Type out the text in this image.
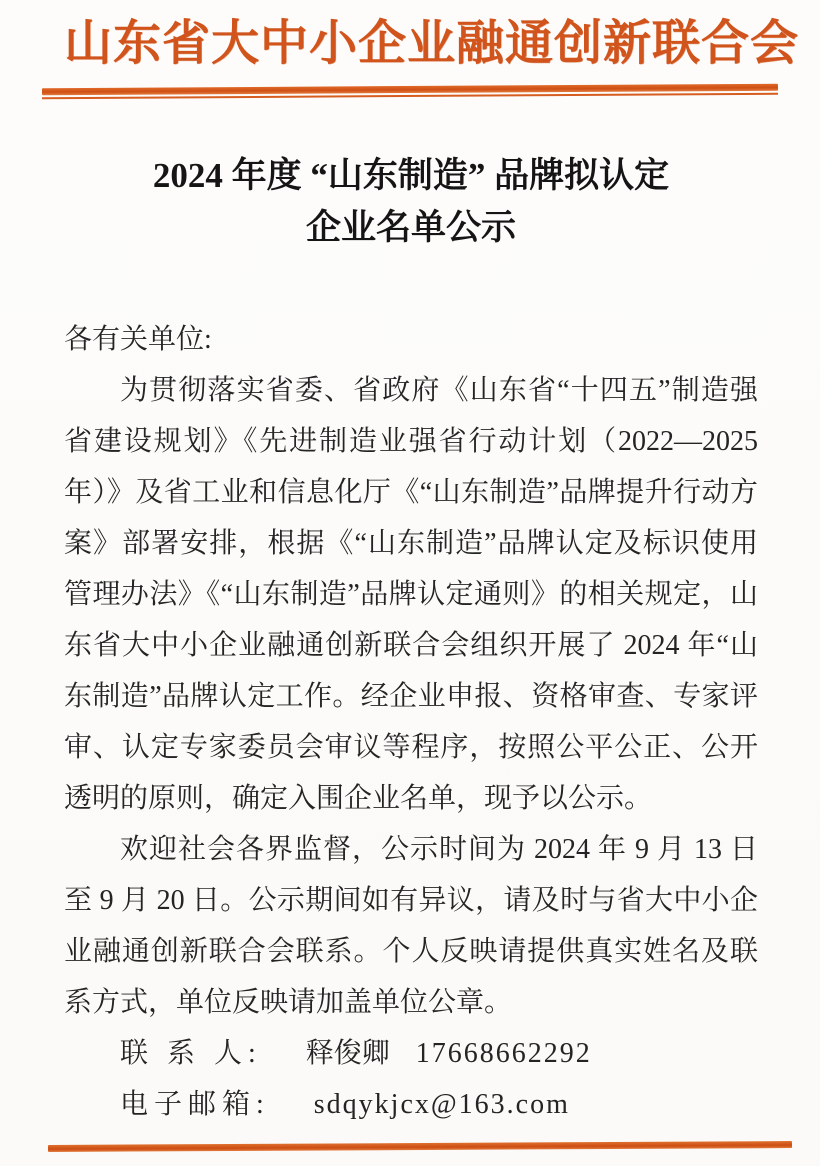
山东省大中小企业融通创新联合会
2024 年度 “山东制造” 品牌拟认定
企业名单公示

各有关单位:

为贯彻落实省委、省政府《山东省“十四五”制造强省建设规划》《先进制造业强省行动计划（2022—2025 年）》及省工业和信息化厅《“山东制造”品牌提升行动方案》部署安排，根据《“山东制造”品牌认定及标识使用管理办法》《“山东制造”品牌认定通则》的相关规定，山东省大中小企业融通创新联合会组织开展了 2024 年“山东制造”品牌认定工作。经企业申报、资格审查、专家评审、认定专家委员会审议等程序，按照公平公正、公开透明的原则，确定入围企业名单，现予以公示。

欢迎社会各界监督，公示时间为 2024 年 9 月 13 日至 9 月 20 日。公示期间如有异议，请及时与省大中小企业融通创新联合会联系。个人反映请提供真实姓名及联系方式，单位反映请加盖单位公章。

联 系 人: 释俊卿 17668662292

电子邮箱: sdqykjcx@163.com
